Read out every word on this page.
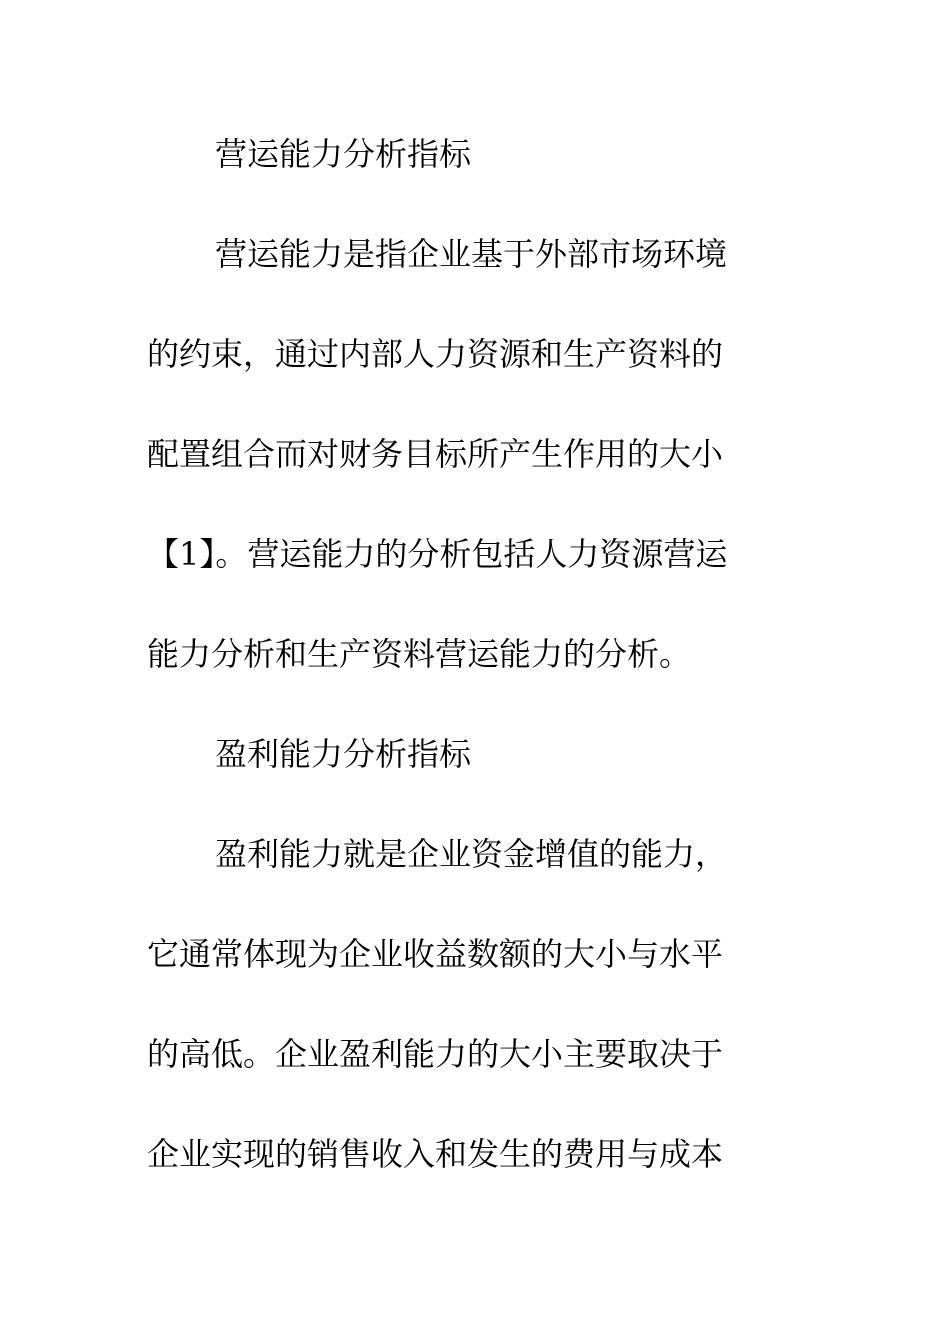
营运能力分析指标
营运能力是指企业基于外部市场环境
的约束，通过内部人力资源和生产资料的
配置组合而对财务目标所产生作用的大小
【1】。营运能力的分析包括人力资源营运
能力分析和生产资料营运能力的分析。
盈利能力分析指标
盈利能力就是企业资金增值的能力，
它通常体现为企业收益数额的大小与水平
的高低。企业盈利能力的大小主要取决于
企业实现的销售收入和发生的费用与成本
